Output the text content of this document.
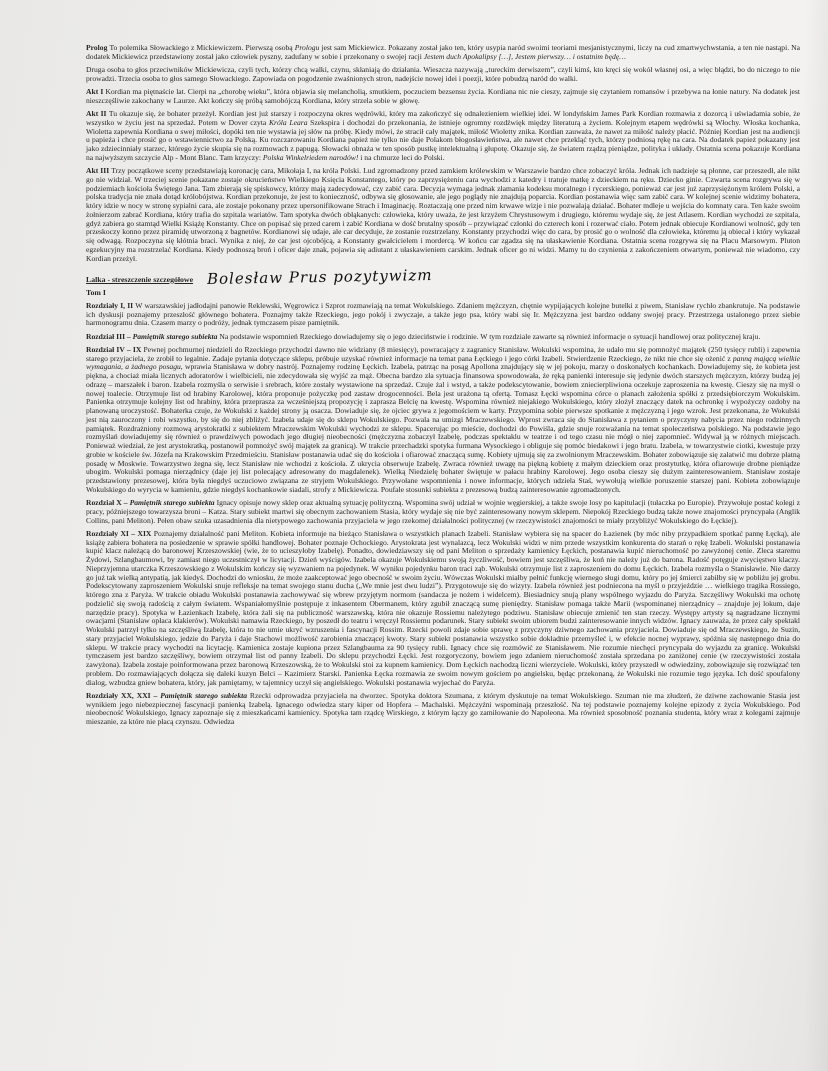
Prolog To polemika Słowackiego z Mickiewiczem. Pierwszą osobą Prologu jest sam Mickiewicz. Pokazany został jako ten, który usypia naród swoimi teoriami mesjanistycznymi, liczy na cud zmartwychwstania, a ten nie nastąpi. Na dodatek Mickiewicz przedstawiony został jako człowiek pyszny, zadufany w sobie i przekonany o swojej racji Jestem duch Apokalipsy […], Jestem pierwszy… i ostatnim będę…

Druga osoba to głos przeciwników Mickiewicza, czyli tych, którzy chcą walki, czynu, skłaniają do działania. Wieszcza nazywają „tureckim derwiszem”, czyli kimś, kto kręci się wokół własnej osi, a więc błądzi, bo do niczego to nie prowadzi. Trzecia osoba to głos samego Słowackiego. Zapowiada on pogodzenie zwaśnionych stron, nadejście nowej idei i poezji, które pobudzą naród do walki.

Akt I Kordian ma piętnaście lat. Cierpi na „chorobę wieku”, która objawia się melancholią, smutkiem, poczuciem bezsensu życia. Kordiana nic nie cieszy, zajmuje się czytaniem romansów i przebywa na łonie natury. Na dodatek jest nieszczęśliwie zakochany w Laurze. Akt kończy się próbą samobójczą Kordiana, który strzela sobie w głowę.

Akt II Tu okazuje się, że bohater przeżył. Kordian jest już starszy i rozpoczyna okres wędrówki, który ma zakończyć się odnalezieniem wielkiej idei. W londyńskim James Park Kordian rozmawia z dozorcą i uświadamia sobie, że wszystko w życiu jest na sprzedaż. Potem w Dover czyta Króla Leara Szekspira i dochodzi do przekonania, że istnieje ogromny rozdźwięk między literaturą a życiem. Kolejnym etapem wędrówki są Włochy. Włoska kochanka, Wioletta zapewnia Kordiana o swej miłości, dopóki ten nie wystawia jej słów na próbę. Kiedy mówi, że stracił cały majątek, miłość Wioletty znika. Kordian zauważa, że nawet za miłość należy płacić. Później Kordian jest na audiencji u papieża i chce prosić go o wstawiennictwo za Polską. Ku rozczarowaniu Kordiana papież nie tylko nie daje Polakom błogosławieństwa, ale nawet chce przekląć tych, którzy podniosą rękę na cara. Na dodatek papież pokazany jest jako zdziecinniały starzec, którego życie skupia się na rozmowach z papugą. Słowacki obnaża w ten sposób pustkę intelektualną i głupotę. Okazuje się, że światem rządzą pieniądze, polityka i układy. Ostatnia scena pokazuje Kordiana na najwyższym szczycie Alp - Mont Blanc. Tam krzyczy: Polska Winkelriedem narodów! i na chmurze leci do Polski.

Akt III Trzy początkowe sceny przedstawiają koronację cara, Mikołaja I, na króla Polski. Lud zgromadzony przed zamkiem królewskim w Warszawie bardzo chce zobaczyć króla. Jednak ich nadzieje są płonne, car przeszedł, ale nikt go nie widział. W trzeciej scenie pokazane zostaje okrucieństwo Wielkiego Księcia Konstantego, który po zaprzysiężeniu cara wychodzi z katedry i tratuje matkę z dzieckiem na ręku. Dziecko ginie. Czwarta scena rozgrywa się w podziemiach kościoła Świętego Jana. Tam zbierają się spiskowcy, którzy mają zadecydować, czy zabić cara. Decyzja wymaga jednak złamania kodeksu moralnego i rycerskiego, ponieważ car jest już zaprzysiężonym królem Polski, a polska tradycja nie znała dotąd królobójstwa. Kordian przekonuje, że jest to konieczność, odbywa się głosowanie, ale jego poglądy nie znajdują poparcia. Kordian postanawia więc sam zabić cara. W kolejnej scenie widzimy bohatera, który idzie w nocy w stronę sypialni cara, ale zostaje pokonany przez upersonifikowane Strach i Imaginację. Roztaczają one przed nim krwawe wizje i nie pozwalają działać. Bohater mdleje u wejścia do komnaty cara. Ten każe swoim żołnierzom zabrać Kordiana, który trafia do szpitala wariatów. Tam spotyka dwóch obłąkanych: człowieka, który uważa, że jest krzyżem Chrystusowym i drugiego, któremu wydaje się, że jest Atlasem. Kordian wychodzi ze szpitala, gdyż zabiera go stamtąd Wielki Książę Konstanty. Chce on popisać się przed carem i zabić Kordiana w dość brutalny sposób – przywiązać członki do czterech koni i rozerwać ciało. Potem jednak obiecuje Kordianowi wolność, gdy ten przeskoczy konno przez piramidę utworzoną z bagnetów. Kordianowi się udaje, ale car decyduje, że zostanie rozstrzelany. Konstanty przychodzi więc do cara, by prosić go o wolność dla człowieka, któremu ją obiecał i który wykazał się odwagą. Rozpoczyna się kłótnia braci. Wynika z niej, że car jest ojcobójcą, a Konstanty gwałcicielem i mordercą. W końcu car zgadza się na ułaskawienie Kordiana. Ostatnia scena rozgrywa się na Placu Marsowym. Pluton egzekucyjny ma rozstrzelać Kordiana. Kiedy podnoszą broń i oficer daje znak, pojawia się adiutant z ułaskawieniem carskim. Jednak oficer go ni widzi. Mamy tu do czynienia z zakończeniem otwartym, ponieważ nie wiadomo, czy Kordian przeżył.

Lalka - streszczenie szczegółowe Bolesław Prus pozytywizm
Tom I

Rozdziały I, II W warszawskiej jadłodajni panowie Reklewski, Węgrowicz i Szprot rozmawiają na temat Wokulskiego. Zdaniem mężczyzn, chętnie wypijających kolejne butelki z piwem, Stanisław rychło zbankrutuje. Na podstawie ich dyskusji poznajemy przeszłość głównego bohatera. Poznajmy także Rzeckiego, jego pokój i zwyczaje, a także jego psa, który wabi się Ir. Mężczyzna jest bardzo oddany swojej pracy. Przestrzega ustalonego przez siebie harmonogramu dnia. Czasem marzy o podróży, jednak tymczasem pisze pamiętnik.

Rozdział III – Pamiętnik starego subiekta Na podstawie wspomnień Rzeckiego dowiadujemy się o jego dzieciństwie i rodzinie. W tym rozdziale zawarte są również informacje o sytuacji handlowej oraz politycznej kraju.

Rozdział IV – IX Pewnej pochmurnej niedzieli do Rzeckiego przychodzi dawno nie widziany (8 miesięcy), powracający z zagranicy Stanisław. Wokulski wspomina, że udało mu się pomnożyć majątek (250 tysięcy rubli) i zapewnia starego przyjaciela, że zrobił to legalnie. Zadaje pytania dotyczące sklepu, próbuje uzyskać również informacje na temat pana Łęckiego i jego córki Izabeli. Stwierdzenie Rzeckiego, że nikt nie chce się ożenić z panną mającą wielkie wymagania, a żadnego posagu, wprawia Stanisława w dobry nastrój. Poznajemy rodzinę Łęckich. Izabela, patrząc na posąg Apollona znajdujący się w jej pokoju, marzy o doskonałych kochankach. Dowiadujemy się, że kobieta jest piękna, a chociaż miała licznych adoratorów i wielbicieli, nie zdecydowała się wyjść za mąż. Obecna bardzo zła sytuacja finansowa spowodowała, że ręką panienki interesuje się jedynie dwóch starszych mężczyzn, którzy budzą jej odrazę – marszałek i baron. Izabela rozmyśla o serwisie i srebrach, które zostały wystawione na sprzedaż. Czuje żal i wstyd, a także podekscytowanie, bowiem zniecierpliwiona oczekuje zaproszenia na kwestę. Cieszy się na myśl o nowej toalecie. Otrzymuje list od hrabiny Karolowej, która proponuje pożyczkę pod zastaw drogocenności. Bela jest urażona tą ofertą. Tomasz Łęcki wspomina córce o planach założenia spółki z przedsiębiorczym Wokulskim. Panienka otrzymuje kolejny list od hrabiny, która przeprasza za wcześniejszą propozycję i zaprasza Belcię na kwestę. Wspomina również niejakiego Wokulskiego, który złożył znaczący datek na ochronkę i wypożyczy ozdoby na planowaną uroczystość. Bohaterka czuje, że Wokulski z każdej strony ją osacza. Dowiaduje się, że ojciec grywa z jegomościem w karty. Przypomina sobie pierwsze spotkanie z mężczyzną i jego wzrok. Jest przekonana, że Wokulski jest nią zauroczony i robi wszystko, by się do niej zbliżyć. Izabela udaje się do sklepu Wokulskiego. Pozwala na umizgi Mraczewskiego. Wprost zwraca się do Stanisława z pytaniem o przyczyny nabycia przez niego rodzinnych pamiątek. Rozdrażniony rozmową arystokratki z subiektem Mraczewskim Wokulski wychodzi ze sklepu. Spacerując po mieście, dochodzi do Powiśla, gdzie snuje rozważania na temat społeczeństwa polskiego. Na podstawie jego rozmyślań dowiadujemy się również o prawdziwych powodach jego długiej nieobecności (mężczyzna zobaczył Izabelę, podczas spektaklu w teatrze i od tego czasu nie mógł o niej zapomnieć. Widywał ją w różnych miejscach. Ponieważ wiedział, że jest arystokratką, postanowił pomnożyć swój majątek za granicą). W trakcie przechadzki spotyka furmana Wysockiego i obliguje się pomóc biedakowi i jego bratu. Izabela, w towarzystwie ciotki, kwestuje przy grobie w kościele św. Józefa na Krakowskim Przedmieściu. Stanisław postanawia udać się do kościoła i ofiarować znaczącą sumę. Kobiety ujmują się za zwolnionym Mraczewskim. Bohater zobowiązuje się załatwić mu dobrze płatną posadę w Moskwie. Towarzystwo żegna się, lecz Stanisław nie wchodzi z kościoła. Z ukrycia obserwuje Izabelę. Zwraca również uwagę na piękną kobietę z małym dzieckiem oraz prostytutkę, która ofiarowuje drobne pieniądze ubogim. Wokulski pomaga nierządnicy (daje jej list polecający adresowany do magdalenek). Wielką Niedzielę bohater świętuje w pałacu hrabiny Karolowej. Jego osoba cieszy się dużym zainteresowaniem. Stanisław zostaje przedstawiony prezesowej, która była niegdyś uczuciowo związana ze stryjem Wokulskiego. Przywołane wspomnienia i nowe informacje, których udziela Staś, wywołują wielkie poruszenie starszej pani. Kobieta zobowiązuje Wokulskiego do wyrycia w kamieniu, gdzie niegdyś kochankowie siadali, strofy z Mickiewicza. Poufałe stosunki subiekta z prezesową budzą zainteresowanie zgromadzonych.

Rozdział X – Pamiętnik starego subiekta Ignacy opisuje nowy sklep oraz aktualną sytuację polityczną. Wspomina swój udział w wojnie węgierskiej, a także swoje losy po kapitulacji (tułaczka po Europie). Przywołuje postać kolegi z pracy, późniejszego towarzysza broni – Katza. Stary subiekt martwi się obecnym zachowaniem Stasia, który wydaje się nie być zainteresowany nowym sklepem. Niepokój Rzeckiego budzą także nowe znajomości pryncypała (Anglik Collins, pani Meliton). Pełen obaw szuka uzasadnienia dla nietypowego zachowania przyjaciela w jego rzekomej działalności politycznej (w rzeczywistości znajomości te miały przybliżyć Wokulskiego do Łęckiej).

Rozdziały XI – XIX Poznajemy działalność pani Meliton. Kobieta informuje na bieżąco Stanisława o wszystkich planach Izabeli. Stanisław wybiera się na spacer do Łazienek (by móc niby przypadkiem spotkać pannę Łęcką), ale książę zabiera bohatera na posiedzenie w sprawie spółki handlowej. Bohater poznaje Ochockiego. Arystokrata jest wynalazcą, lecz Wokulski widzi w nim przede wszystkim konkurenta do starań o rękę Izabeli. Wokulski postanawia kupić klacz należącą do baronowej Krzeszowskiej (wie, że to ucieszyłoby Izabelę). Ponadto, dowiedziawszy się od pani Meliton o sprzedaży kamienicy Łęckich, postanawia kupić nieruchomość po zawyżonej cenie. Zleca staremu Żydowi, Szlangbaumowi, by zamiast niego uczestniczył w licytacji. Dzień wyścigów. Izabela okazuje Wokulskiemu swoją życzliwość, bowiem jest szczęśliwa, że koń nie należy już do barona. Radość potęguje zwycięstwo klaczy. Nieprzyjemna utarczka Krzeszowskiego z Wokulskim kończy się wyzwaniem na pojedynek. W wyniku pojedynku baron traci ząb. Wokulski otrzymuje list z zaproszeniem do domu Łęckich. Izabela rozmyśla o Stanisławie. Nie darzy go już tak wielką antypatią, jak kiedyś. Dochodzi do wniosku, że może zaakceptować jego obecność w swoim życiu. Wówczas Wokulski miałby pełnić funkcję wiernego sługi domu, który po jej śmierci zabiłby się w pobliżu jej grobu. Podekscytowany zaproszeniem Wokulski snuje refleksje na temat swojego stanu ducha („We mnie jest dwu ludzi”). Przygotowuje się do wizyty. Izabela również jest podniecona na myśl o przyjeździe … wielkiego tragika Rossiego, którego zna z Paryża. W trakcie obiadu Wokulski postanawia zachowywać się wbrew przyjętym normom (sandacza je nożem i widelcem). Biesiadnicy snują plany wspólnego wyjazdu do Paryża. Szczęśliwy Wokulski ma ochotę podzielić się swoją radością z całym światem. Wspaniałomyślnie postępuje z inkasentem Obermanem, który zgubił znaczącą sumę pieniędzy. Stanisław pomaga także Marii (wspominanej nierządnicy – znajduje jej lokum, daje narzędzie pracy). Spotyka w Łazienkach Izabelę, która żali się na publiczność warszawską, która nie okazuje Rossiemu należytego podziwu. Stanisław obiecuje zmienić ten stan rzeczy. Występy artysty są nagradzane licznymi owacjami (Stanisław opłaca klakierów). Wokulski namawia Rzeckiego, by poszedł do teatru i wręczył Rossiemu podarunek. Stary subiekt swoim ubiorem budzi zainteresowanie innych widzów. Ignacy zauważa, że przez cały spektakl Wokulski patrzył tylko na szczęśliwą Izabelę, która to nie umie ukryć wzruszenia i fascynacji Rossim. Rzecki powoli zdaje sobie sprawę z przyczyny dziwnego zachowania przyjaciela. Dowiaduje się od Mraczewskiego, że Suzin, stary przyjaciel Wokulskiego, jedzie do Paryża i daje Stachowi możliwość zarobienia znaczącej kwoty. Stary subiekt postanawia wszystko sobie dokładnie przemyśleć i, w efekcie nocnej wyprawy, spóźnia się następnego dnia do sklepu. W trakcie pracy wychodzi na licytację. Kamienica zostaje kupiona przez Szlangbauma za 90 tysięcy rubli. Ignacy chce się rozmówić ze Stanisławem. Nie rozumie niechęci pryncypała do wyjazdu za granicę. Wokulski tymczasem jest bardzo szczęśliwy, bowiem otrzymał list od panny Izabeli. Do sklepu przychodzi Łęcki. Jest rozgoryczony, bowiem jego zdaniem nieruchomość została sprzedana po zaniżonej cenie (w rzeczywistości została zawyżona). Izabela zostaje poinformowana przez baronową Krzeszowską, że to Wokulski stoi za kupnem kamienicy. Dom Łęckich nachodzą liczni wierzyciele. Wokulski, który przyszedł w odwiedziny, zobowiązuje się rozwiązać ten problem. Do rozmawiających dołącza się daleki kuzyn Belci – Kazimierz Starski. Panienka Łęcka rozmawia ze swoim nowym gościem po angielsku, będąc przekonaną, że Wokulski nie rozumie tego języka. Ich dość spoufalony dialog, wzbudza gniew bohatera, który, jak pamiętamy, w tajemnicy uczył się angielskiego. Wokulski postanawia wyjechać do Paryża.

Rozdziały XX, XXI – Pamiętnik starego subiekta Rzecki odprowadza przyjaciela na dworzec. Spotyka doktora Szumana, z którym dyskutuje na temat Wokulskiego. Szuman nie ma złudzeń, że dziwne zachowanie Stasia jest wynikiem jego niebezpiecznej fascynacji panienką Izabelą. Ignacego odwiedza stary kiper od Hopfera – Machalski. Mężczyźni wspominają przeszłość. Na tej podstawie poznajemy kolejne epizody z życia Wokulskiego. Pod nieobecność Wokulskiego, Ignacy zapoznaje się z mieszkańcami kamienicy. Spotyka tam rządcę Wirskiego, z którym łączy go zamiłowanie do Napoleona. Ma również sposobność poznania studenta, który wraz z kolegami zajmuje mieszanie, za które nie płacą czynszu. Odwiedza
